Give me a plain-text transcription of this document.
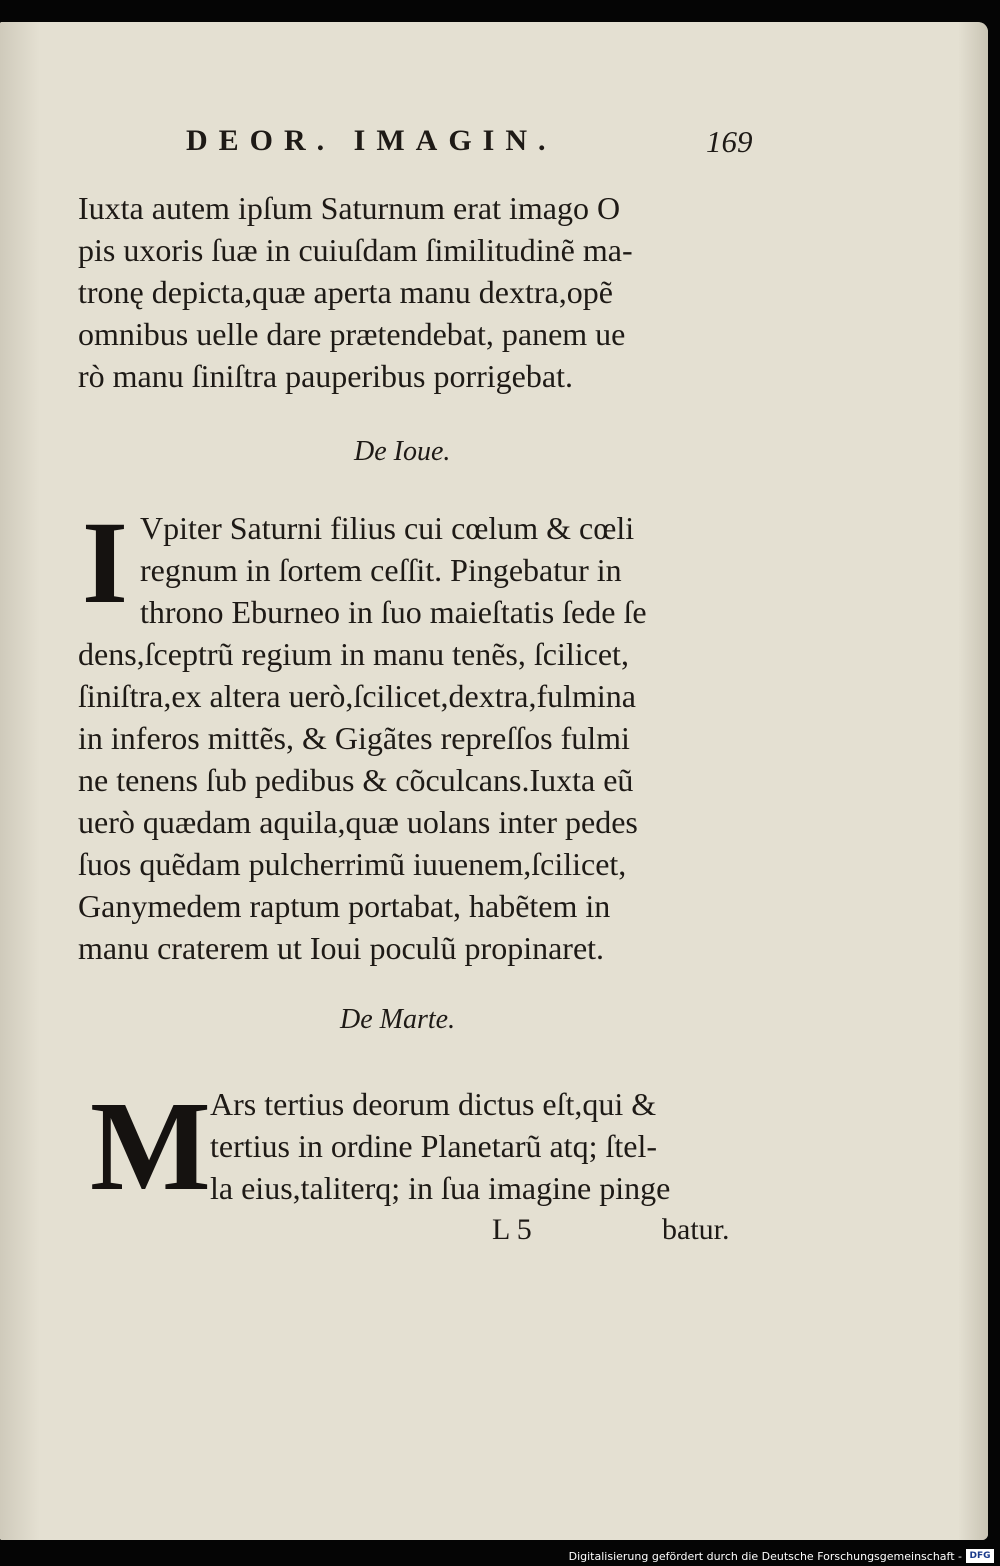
DEOR. IMAGIN.	169
Iuxta autem ipſum Saturnum erat imago O
pis uxoris ſuæ in cuiuſdam ſimilitudinẽ ma-
tronę depicta,quæ aperta manu dextra,opẽ
omnibus uelle dare prætendebat, panem ue
rò manu ſiniſtra pauperibus porrigebat.
De Ioue.
I Vpiter Saturni filius cui cœlum & cœli
regnum in ſortem ceſſit. Pingebatur in
throno Eburneo in ſuo maieſtatis ſede ſe
dens,ſceptrũ regium in manu tenẽs, ſcilicet,
ſiniſtra,ex altera uerò,ſcilicet,dextra,fulmina
in inferos mittẽs, & Gigãtes repreſſos fulmi
ne tenens ſub pedibus & cõculcans.Iuxta eũ
uerò quædam aquila,quæ uolans inter pedes
ſuos quẽdam pulcherrimũ iuuenem,ſcilicet,
Ganymedem raptum portabat, habẽtem in
manu craterem ut Ioui poculũ propinaret.
De Marte.
M Ars tertius deorum dictus eſt,qui &
tertius in ordine Planetarũ atq; ſtel-
la eius,taliterq; in ſua imagine pinge
L 5	batur.
Digitalisierung gefördert durch die Deutsche Forschungsgemeinschaft - DFG
